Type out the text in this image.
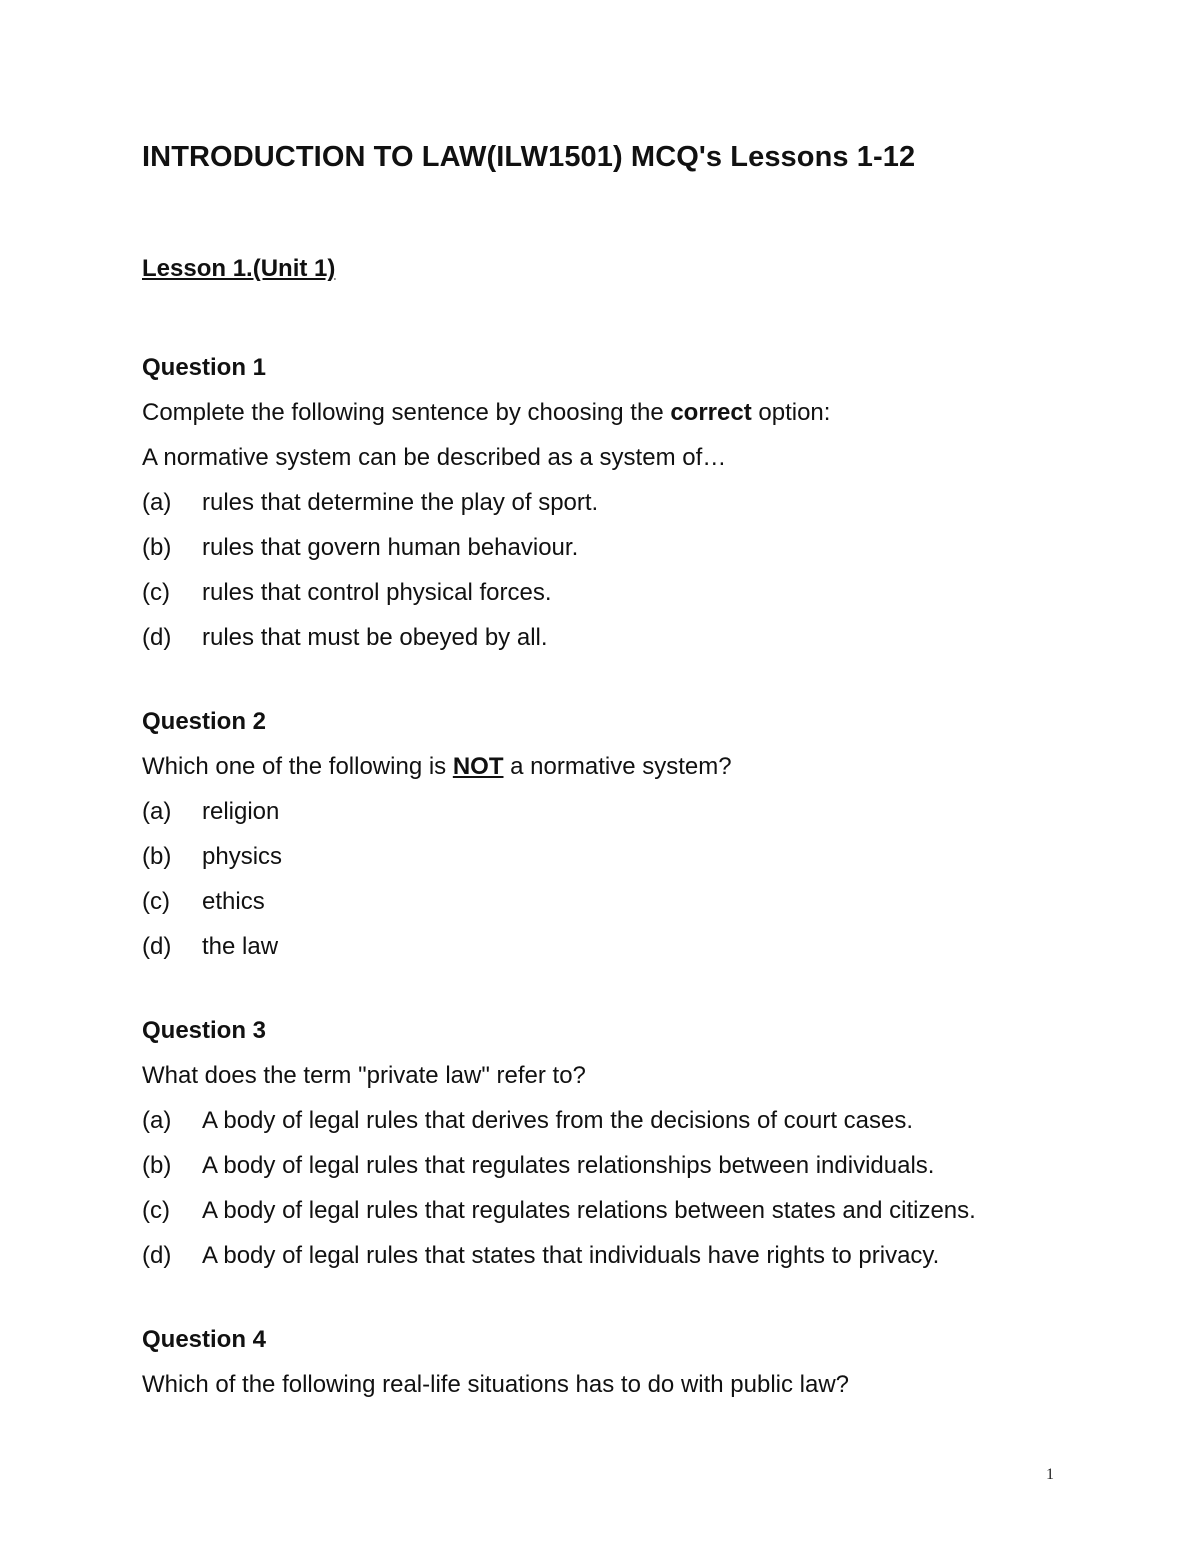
INTRODUCTION TO LAW(ILW1501) MCQ's Lessons 1-12
Lesson 1.(Unit 1)
Question 1
Complete the following sentence by choosing the correct option:
A normative system can be described as a system of…
(a) rules that determine the play of sport.
(b) rules that govern human behaviour.
(c) rules that control physical forces.
(d) rules that must be obeyed by all.
Question 2
Which one of the following is NOT a normative system?
(a) religion
(b) physics
(c) ethics
(d) the law
Question 3
What does the term "private law" refer to?
(a) A body of legal rules that derives from the decisions of court cases.
(b) A body of legal rules that regulates relationships between individuals.
(c) A body of legal rules that regulates relations between states and citizens.
(d) A body of legal rules that states that individuals have rights to privacy.
Question 4
Which of the following real-life situations has to do with public law?
1
